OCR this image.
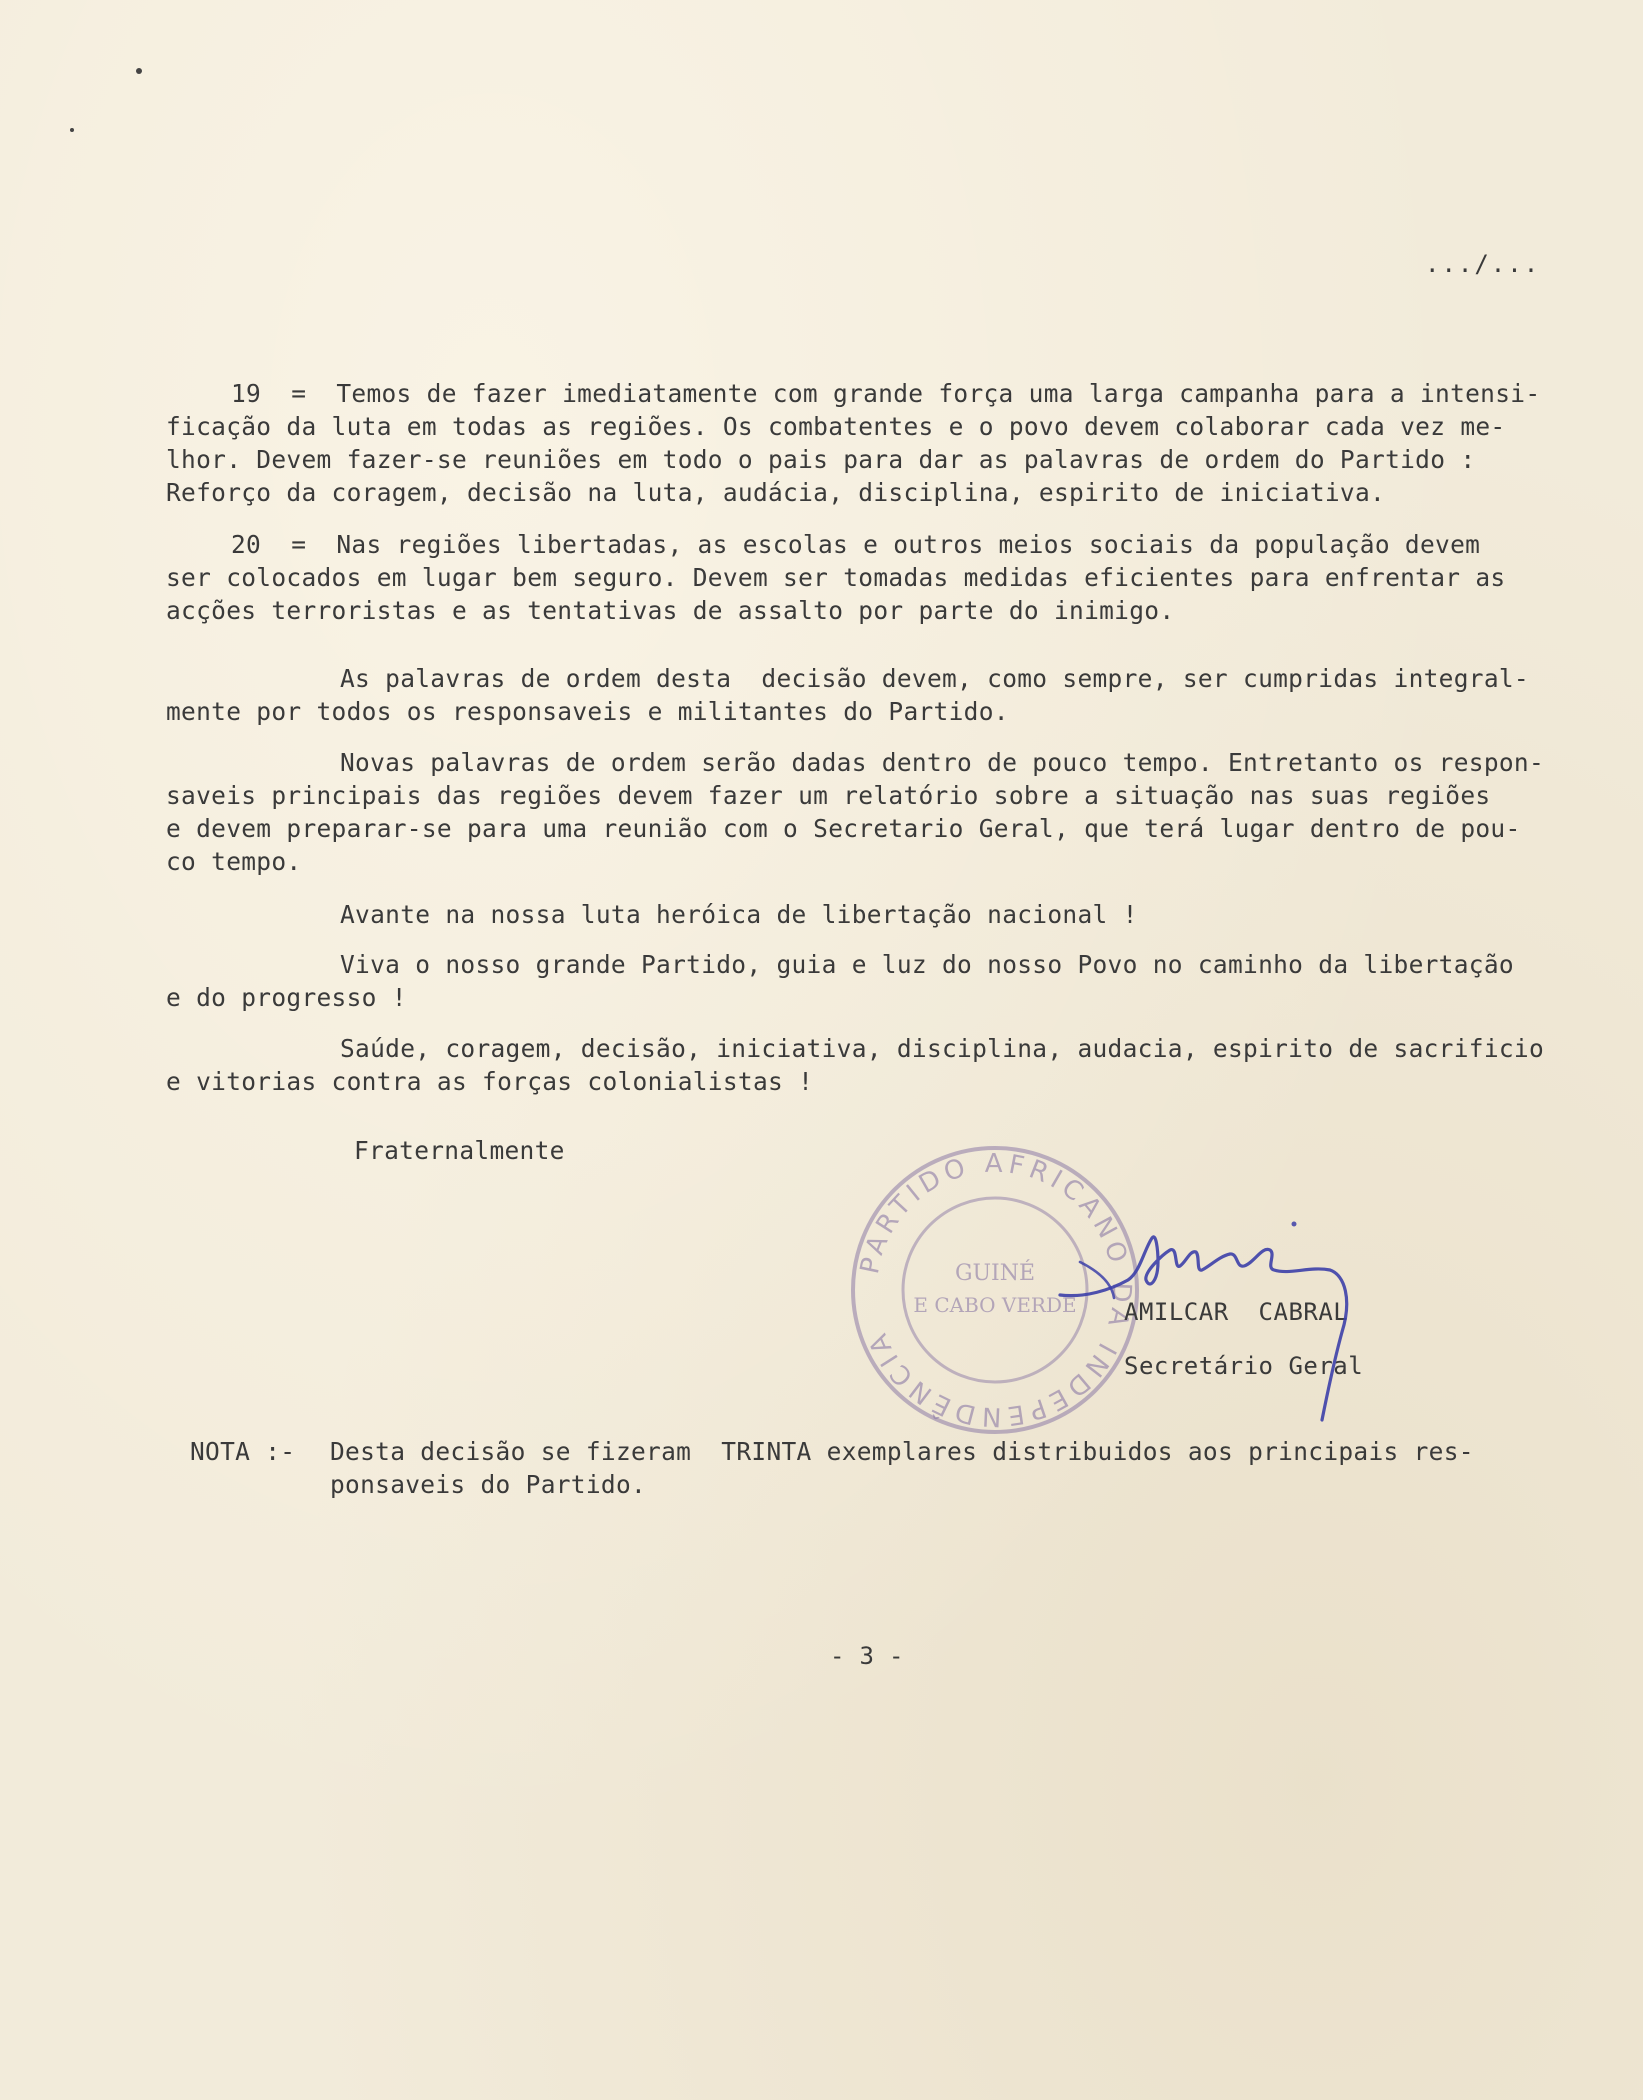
.../...
19  =  Temos de fazer imediatamente com grande força uma larga campanha para a intensi-
ficação da luta em todas as regiões. Os combatentes e o povo devem colaborar cada vez me-
lhor. Devem fazer-se reuniões em todo o pais para dar as palavras de ordem do Partido :
Reforço da coragem, decisão na luta, audácia, disciplina, espirito de iniciativa.
20  =  Nas regiões libertadas, as escolas e outros meios sociais da população devem
ser colocados em lugar bem seguro. Devem ser tomadas medidas eficientes para enfrentar as
acções terroristas e as tentativas de assalto por parte do inimigo.
As palavras de ordem desta  decisão devem, como sempre, ser cumpridas integral-
mente por todos os responsaveis e militantes do Partido.
Novas palavras de ordem serão dadas dentro de pouco tempo. Entretanto os respon-
saveis principais das regiões devem fazer um relatório sobre a situação nas suas regiões
e devem preparar-se para uma reunião com o Secretario Geral, que terá lugar dentro de pou-
co tempo.
Avante na nossa luta heróica de libertação nacional !
Viva o nosso grande Partido, guia e luz do nosso Povo no caminho da libertação
e do progresso !
Saúde, coragem, decisão, iniciativa, disciplina, audacia, espirito de sacrificio
e vitorias contra as forças colonialistas !
Fraternalmente
PARTIDO AFRICANO DA INDEPENDÊNCIA
GUINÉ
E CABO VERDE AMILCAR  CABRAL
Secretário Geral
NOTA :- Desta decisão se fizeram  TRINTA exemplares distribuidos aos principais res-
ponsaveis do Partido.
- 3 -
